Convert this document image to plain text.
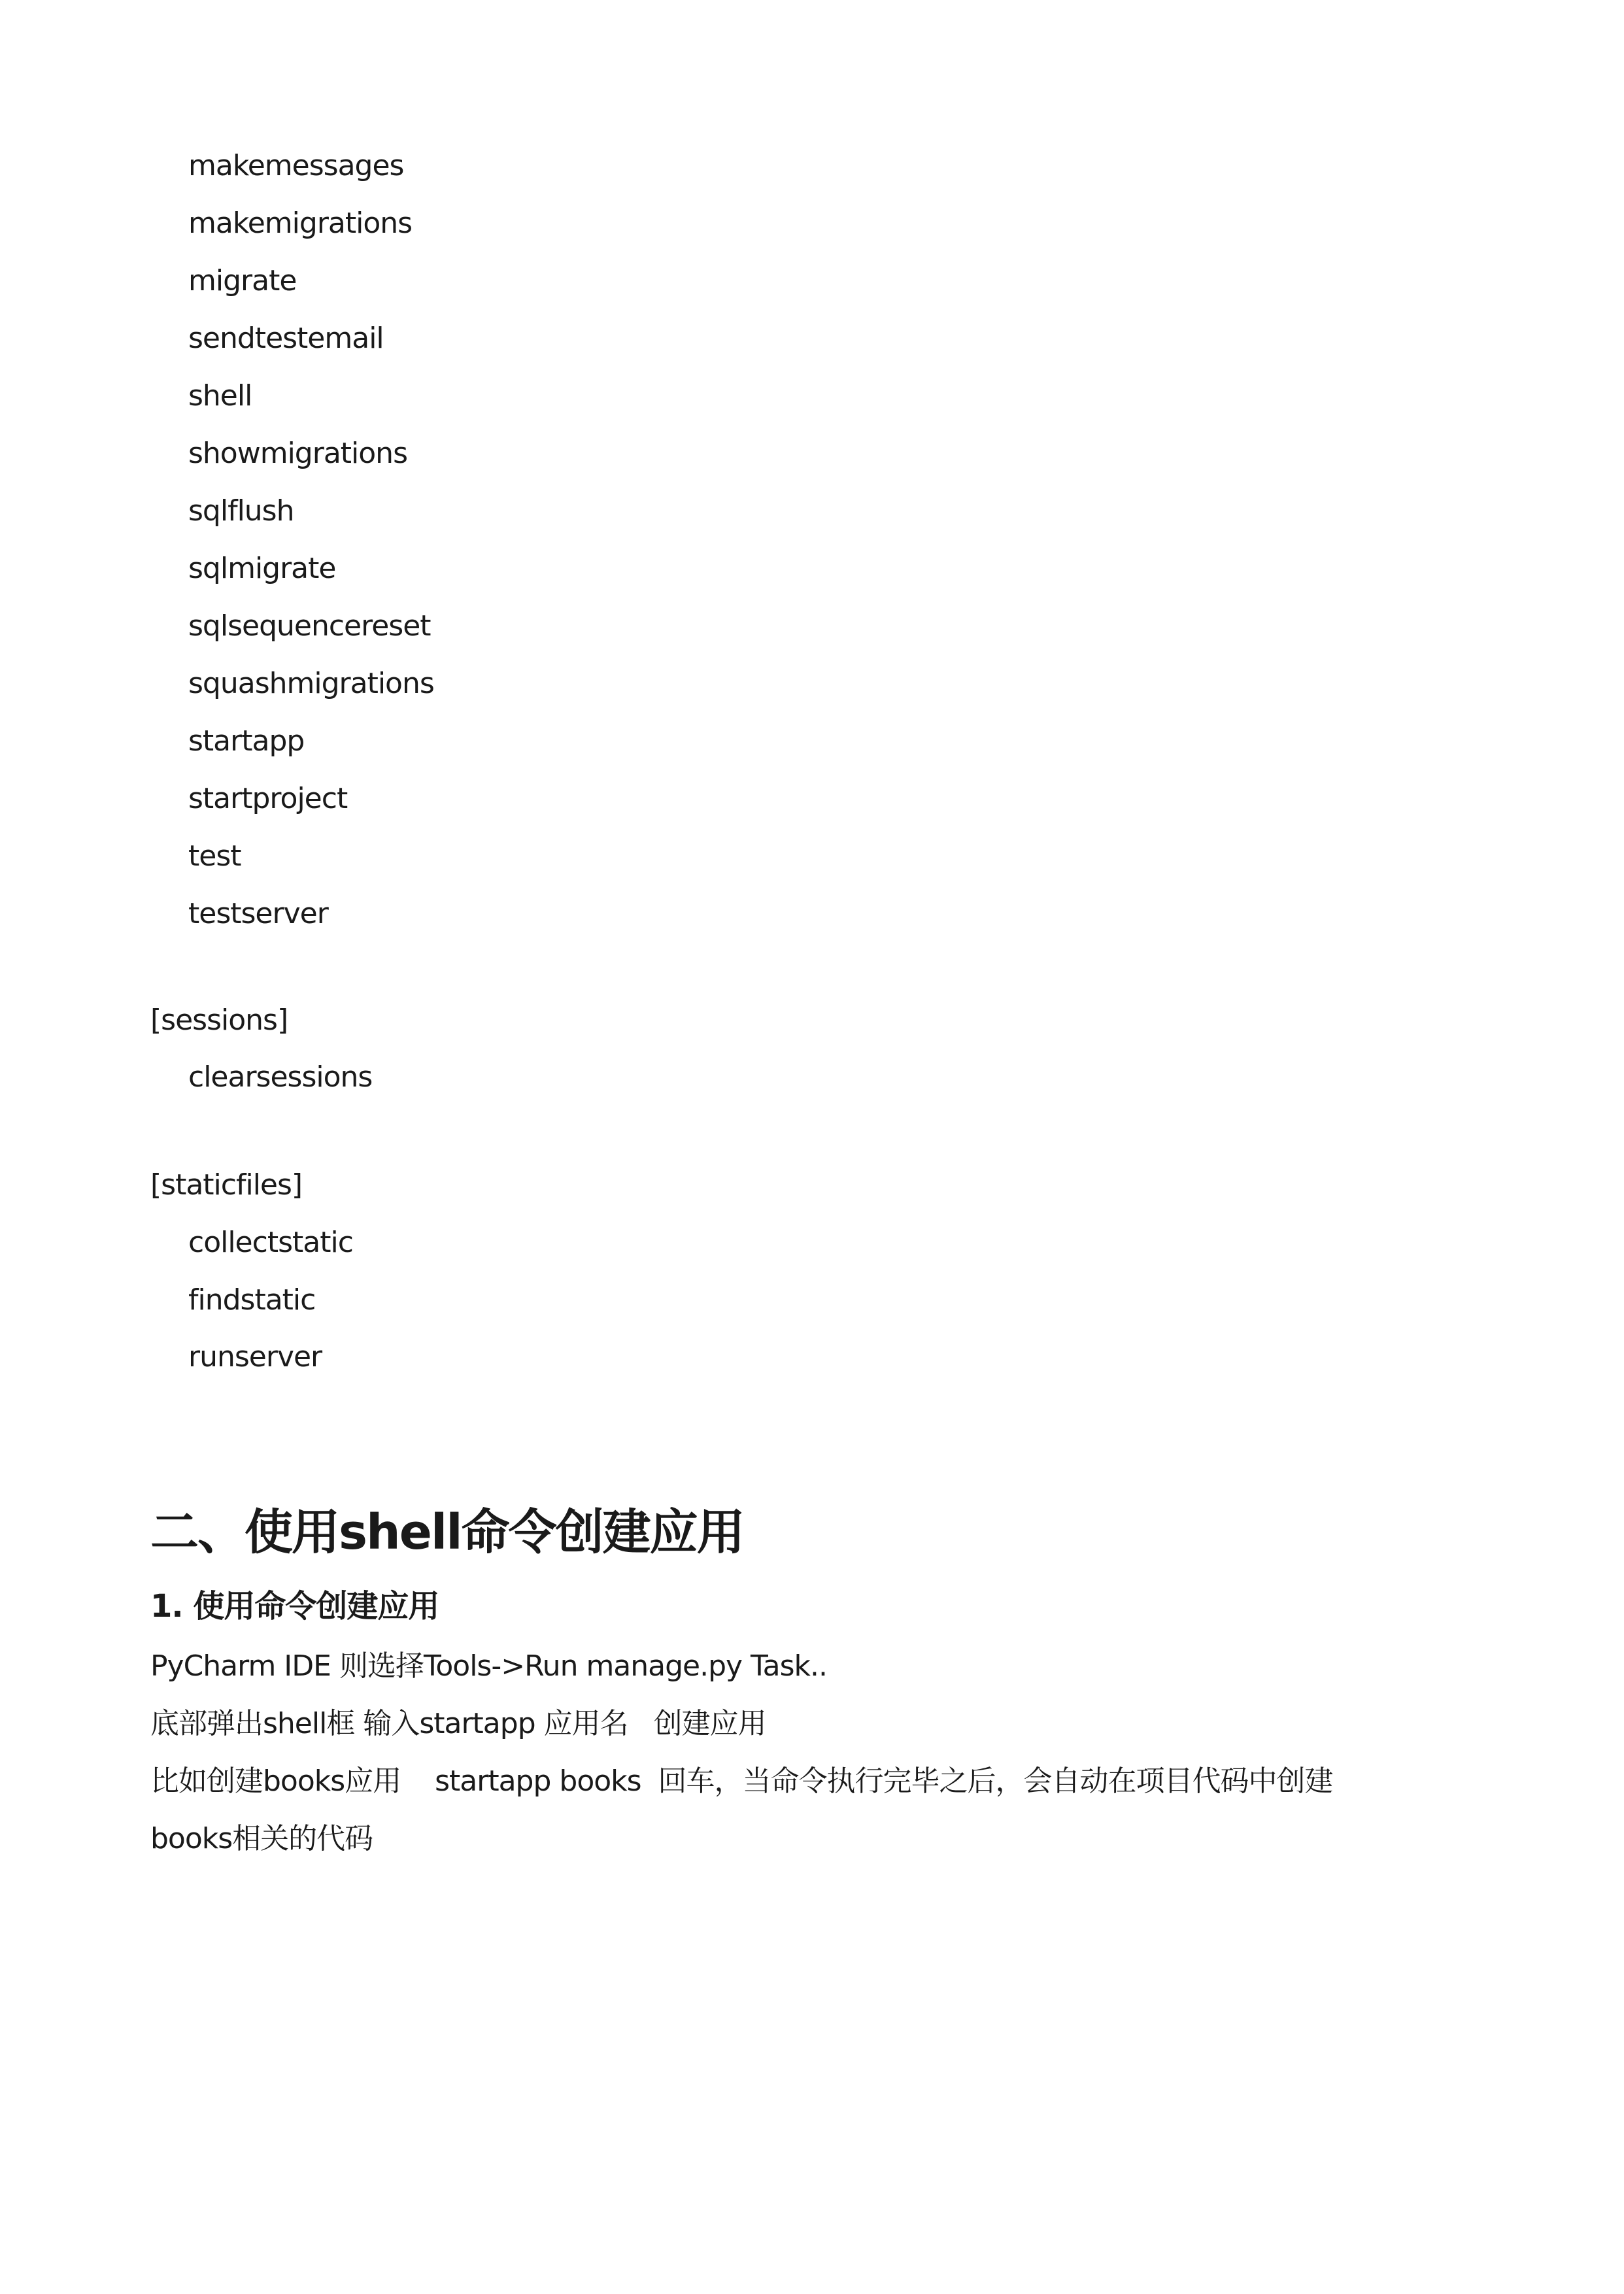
makemessages
makemigrations
migrate
sendtestemail
shell
showmigrations
sqlflush
sqlmigrate
sqlsequencereset
squashmigrations
startapp
startproject
test
testserver
[sessions]
clearsessions
[staticfiles]
collectstatic
findstatic
runserver
二、使用shell命令创建应用
1. 使用命令创建应用
PyCharm IDE 则选择Tools->Run manage.py Task..
底部弹出shell框 输入startapp 应用名   创建应用
比如创建books应用    startapp books  回车，当命令执行完毕之后，会自动在项目代码中创建
books相关的代码
